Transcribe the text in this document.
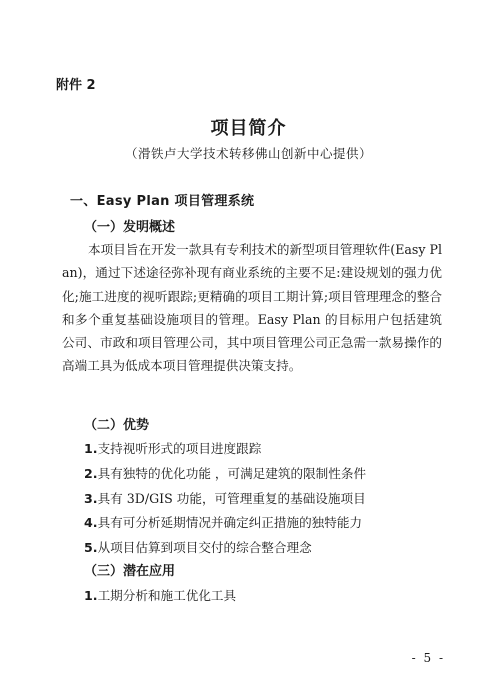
附件 2
项目简介
（滑铁卢大学技术转移佛山创新中心提供）
一、Easy Plan 项目管理系统
（一）发明概述
本项目旨在开发一款具有专利技术的新型项目管理软件(Easy Plan)，通过下述途径弥补现有商业系统的主要不足:建设规划的强力优化;施工进度的视听跟踪;更精确的项目工期计算;项目管理理念的整合和多个重复基础设施项目的管理。Easy Plan 的目标用户包括建筑公司、市政和项目管理公司，其中项目管理公司正急需一款易操作的高端工具为低成本项目管理提供决策支持。
（二）优势
1.支持视听形式的项目进度跟踪
2.具有独特的优化功能 ，可满足建筑的限制性条件
3.具有 3D/GIS 功能，可管理重复的基础设施项目
4.具有可分析延期情况并确定纠正措施的独特能力
5.从项目估算到项目交付的综合整合理念
（三）潜在应用
1.工期分析和施工优化工具
- 5 -
